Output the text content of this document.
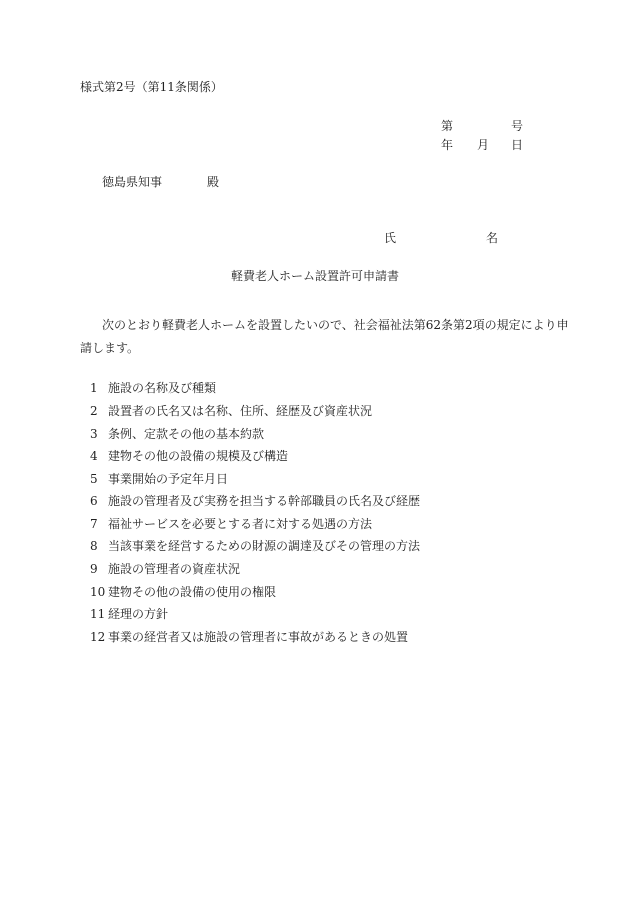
様式第2号（第11条関係）
第	号
年 月 日
徳島県知事	殿
氏	名
軽費老人ホーム設置許可申請書
次のとおり軽費老人ホームを設置したいので、社会福祉法第62条第2項の規定により申
請します。
1 施設の名称及び種類
2 設置者の氏名又は名称、住所、経歴及び資産状況
3 条例、定款その他の基本約款
4 建物その他の設備の規模及び構造
5 事業開始の予定年月日
6 施設の管理者及び実務を担当する幹部職員の氏名及び経歴
7 福祉サービスを必要とする者に対する処遇の方法
8 当該事業を経営するための財源の調達及びその管理の方法
9 施設の管理者の資産状況
10 建物その他の設備の使用の権限
11 経理の方針
12 事業の経営者又は施設の管理者に事故があるときの処置
